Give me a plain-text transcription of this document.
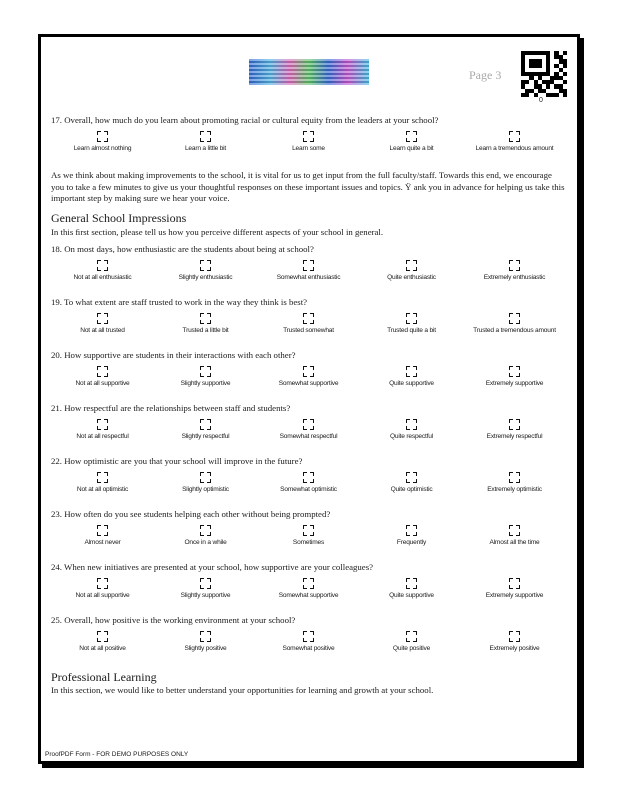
Page 3
0

17. Overall, how much do you learn about promoting racial or cultural equity from the leaders at your school?

Learn almost nothing	Learn a little bit	Learn some	Learn quite a bit	Learn a tremendous amount

As we think about making improvements to the school, it is vital for us to get input from the full faculty/staff. Towards this end, we encourage you to take a few minutes to give us your thoughtful responses on these important issues and topics. Ÿ ank you in advance for helping us take this important step by making sure we hear your voice.

General School Impressions

In this ﬁrst section, please tell us how you perceive different aspects of your school in general.

18. On most days, how enthusiastic are the students about being at school?

Not at all enthusiastic	Slightly enthusiastic	Somewhat enthusiastic	Quite enthusiastic	Extremely enthusiastic

19. To what extent are staff trusted to work in the way they think is best?

Not at all trusted	Trusted a little bit	Trusted somewhat	Trusted quite a bit	Trusted a tremendous amount

20. How supportive are students in their interactions with each other?

Not at all supportive	Slightly supportive	Somewhat supportive	Quite supportive	Extremely supportive

21. How respectful are the relationships between staff and students?

Not at all respectful	Slightly respectful	Somewhat respectful	Quite respectful	Extremely respectful

22. How optimistic are you that your school will improve in the future?

Not at all optimistic	Slightly optimistic	Somewhat optimistic	Quite optimistic	Extremely optimistic

23. How often do you see students helping each other without being prompted?

Almost never	Once in a while	Sometimes	Frequently	Almost all the time

24. When new initiatives are presented at your school, how supportive are your colleagues?

Not at all supportive	Slightly supportive	Somewhat supportive	Quite supportive	Extremely supportive

25. Overall, how positive is the working environment at your school?

Not at all positive	Slightly positive	Somewhat positive	Quite positive	Extremely positive

Professional Learning

In this section, we would like to better understand your opportunities for learning and growth at your school.

ProofPDF Form - FOR DEMO PURPOSES ONLY
